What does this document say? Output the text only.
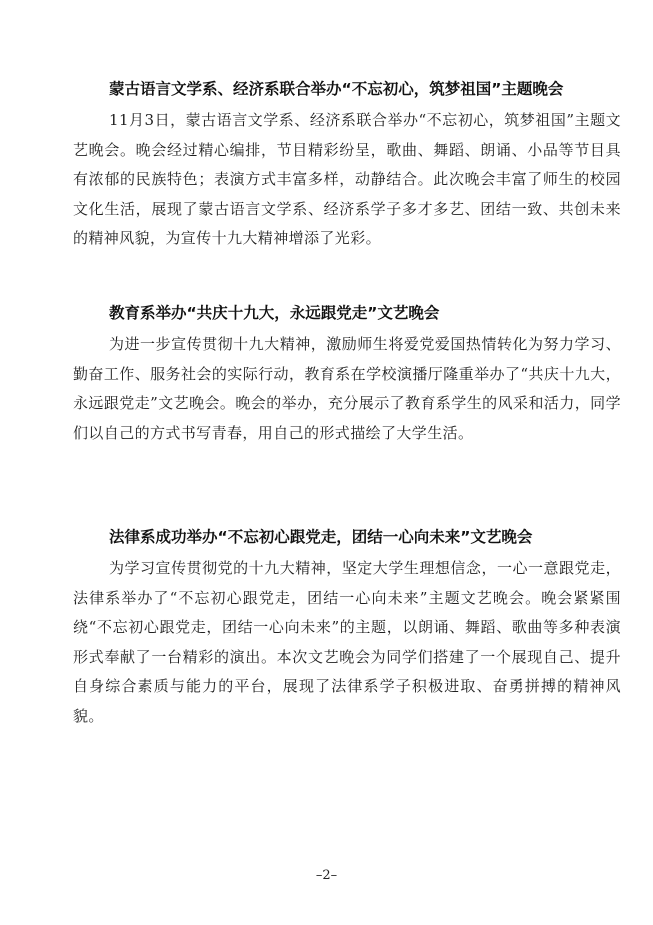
蒙古语言文学系、经济系联合举办“不忘初心，筑梦祖国”主题晚会

11月3日，蒙古语言文学系、经济系联合举办“不忘初心，筑梦祖国”主题文艺晚会。晚会经过精心编排，节目精彩纷呈，歌曲、舞蹈、朗诵、小品等节目具有浓郁的民族特色；表演方式丰富多样，动静结合。此次晚会丰富了师生的校园文化生活，展现了蒙古语言文学系、经济系学子多才多艺、团结一致、共创未来的精神风貌，为宣传十九大精神增添了光彩。

教育系举办“共庆十九大，永远跟党走”文艺晚会

为进一步宣传贯彻十九大精神，激励师生将爱党爱国热情转化为努力学习、勤奋工作、服务社会的实际行动，教育系在学校演播厅隆重举办了“共庆十九大，永远跟党走”文艺晚会。晚会的举办，充分展示了教育系学生的风采和活力，同学们以自己的方式书写青春，用自己的形式描绘了大学生活。

法律系成功举办“不忘初心跟党走，团结一心向未来”文艺晚会

为学习宣传贯彻党的十九大精神，坚定大学生理想信念，一心一意跟党走，法律系举办了“不忘初心跟党走，团结一心向未来”主题文艺晚会。晚会紧紧围绕“不忘初心跟党走，团结一心向未来”的主题，以朗诵、舞蹈、歌曲等多种表演形式奉献了一台精彩的演出。本次文艺晚会为同学们搭建了一个展现自己、提升自身综合素质与能力的平台，展现了法律系学子积极进取、奋勇拼搏的精神风貌。

–2–
